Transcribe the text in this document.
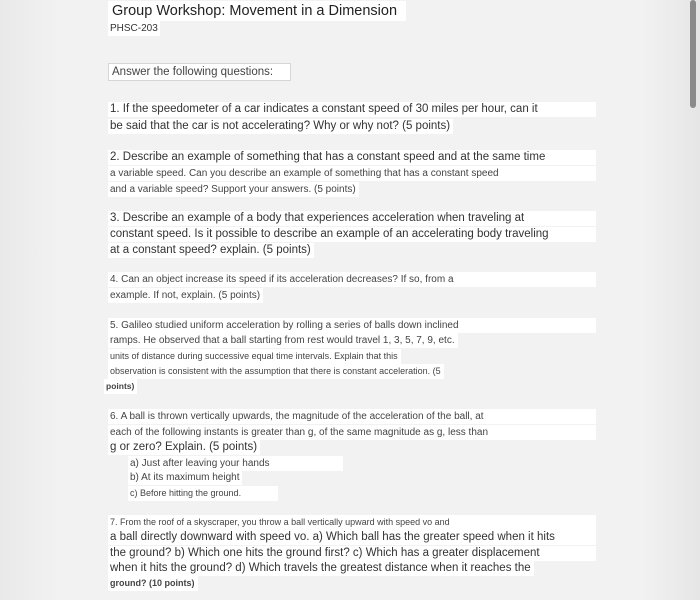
Group Workshop: Movement in a Dimension
PHSC-203
Answer the following questions:
1. If the speedometer of a car indicates a constant speed of 30 miles per hour, can it
be said that the car is not accelerating? Why or why not? (5 points)
2. Describe an example of something that has a constant speed and at the same time
a variable speed. Can you describe an example of something that has a constant speed
and a variable speed? Support your answers. (5 points)
3. Describe an example of a body that experiences acceleration when traveling at
constant speed. Is it possible to describe an example of an accelerating body traveling
at a constant speed? explain. (5 points)
4. Can an object increase its speed if its acceleration decreases? If so, from a
example. If not, explain. (5 points)
5. Galileo studied uniform acceleration by rolling a series of balls down inclined
ramps. He observed that a ball starting from rest would travel 1, 3, 5, 7, 9, etc.
units of distance during successive equal time intervals. Explain that this
observation is consistent with the assumption that there is constant acceleration. (5
points)
6. A ball is thrown vertically upwards, the magnitude of the acceleration of the ball, at
each of the following instants is greater than g, of the same magnitude as g, less than
g or zero? Explain. (5 points)
a) Just after leaving your hands
b) At its maximum height
c) Before hitting the ground.
7. From the roof of a skyscraper, you throw a ball vertically upward with speed vo and
a ball directly downward with speed vo. a) Which ball has the greater speed when it hits
the ground? b) Which one hits the ground first? c) Which has a greater displacement
when it hits the ground? d) Which travels the greatest distance when it reaches the
ground? (10 points)
